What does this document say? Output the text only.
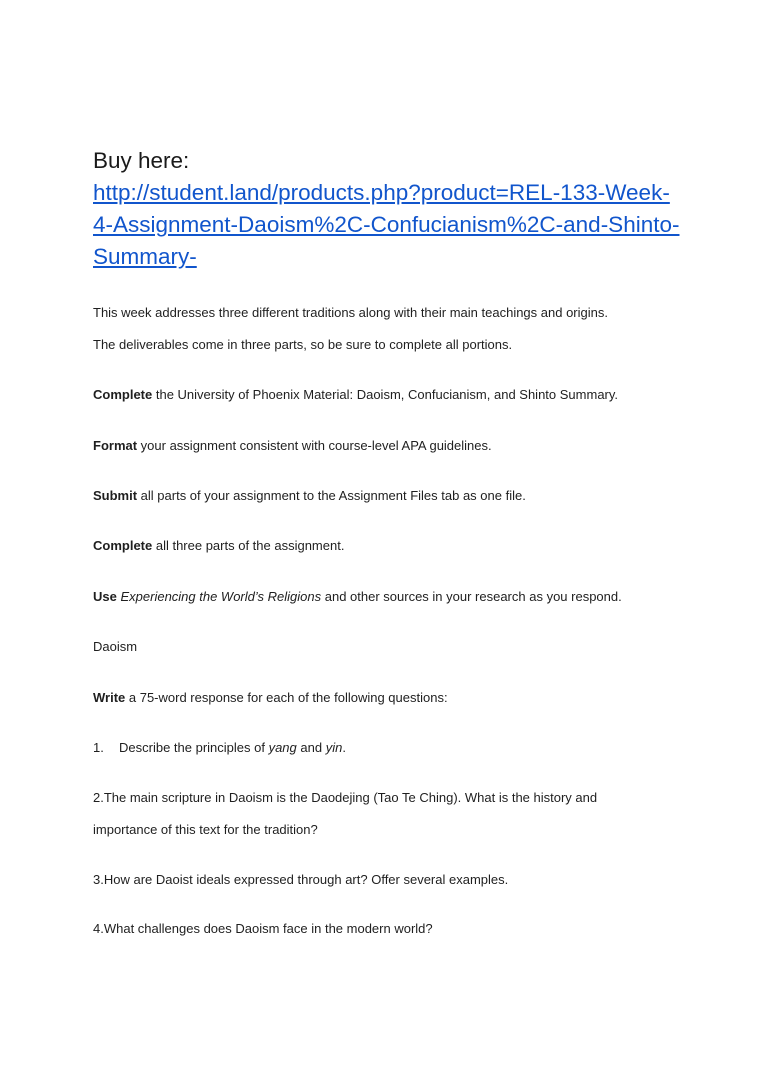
Buy here:
http://student.land/products.php?product=REL-133-Week-4-Assignment-Daoism%2C-Confucianism%2C-and-Shinto-Summary-
This week addresses three different traditions along with their main teachings and origins.
The deliverables come in three parts, so be sure to complete all portions.
Complete the University of Phoenix Material: Daoism, Confucianism, and Shinto Summary.
Format your assignment consistent with course-level APA guidelines.
Submit all parts of your assignment to the Assignment Files tab as one file.
Complete all three parts of the assignment.
Use Experiencing the World’s Religions and other sources in your research as you respond.
Daoism
Write a 75-word response for each of the following questions:
1. Describe the principles of yang and yin.
2.The main scripture in Daoism is the Daodejing (Tao Te Ching). What is the history and
importance of this text for the tradition?
3.How are Daoist ideals expressed through art? Offer several examples.
4.What challenges does Daoism face in the modern world?
